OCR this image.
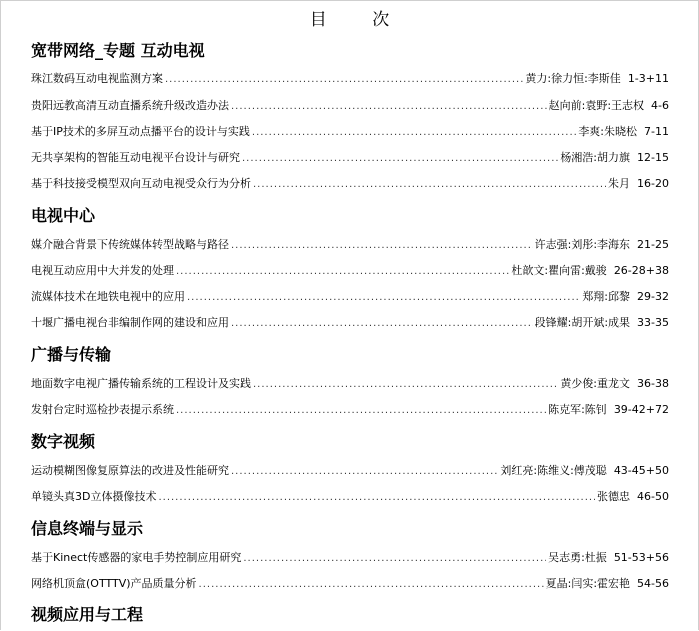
目 次
宽带网络_专题 互动电视
珠江数码互动电视监测方案 .....	黄力:徐力恒:李斯佳 1-3+11
贵阳远教高清互动直播系统升级改造办法 .....	赵向前:袁野:王志权 4-6
基于IP技术的多屏互动点播平台的设计与实践 .....	李爽:朱晓松 7-11
无共享架构的智能互动电视平台设计与研究 .....	杨湘浩:胡力旗 12-15
基于科技接受模型双向互动电视受众行为分析 .....	朱月 16-20
电视中心
媒介融合背景下传统媒体转型战略与路径 .....	许志强:刘彤:李海东 21-25
电视互动应用中大并发的处理 .....	杜歆文:瞿向雷:戴骏 26-28+38
流媒体技术在地铁电视中的应用 .....	郑翔:邱黎 29-32
十堰广播电视台非编制作网的建设和应用 .....	段锋耀:胡开斌:成果 33-35
广播与传输
地面数字电视广播传输系统的工程设计及实践 .....	黄少俊:重龙文 36-38
发射台定时巡检抄表提示系统 .....	陈克军:陈钊 39-42+72
数字视频
运动模糊图像复原算法的改进及性能研究 .....	刘红亮:陈维义:傅茂聪 43-45+50
单镜头真3D立体摄像技术 .....	张德忠 46-50
信息终端与显示
基于Kinect传感器的家电手势控制应用研究 .....	吴志勇:杜振 51-53+56
网络机顶盒(OTTTV)产品质量分析 .....	夏晶:闫实:霍宏艳 54-56
视频应用与工程
